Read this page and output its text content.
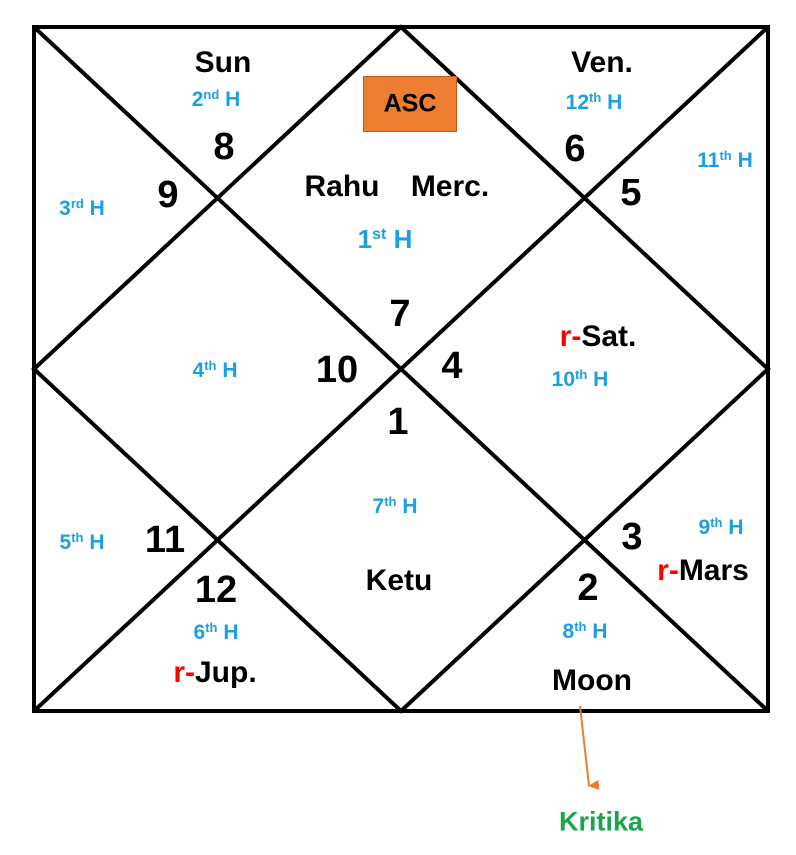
ASC
7
8
9
10
11
12
1
2
3
4
5
6
1st H
2nd H
3rd H
4th H
5th H
6th H
7th H
8th H
9th H
10th H
11th H
12th H
Sun	Ven.
Rahu Merc.
r-Sat.
Ketu
r-Jup.
r-Mars
Moon
Kritika
